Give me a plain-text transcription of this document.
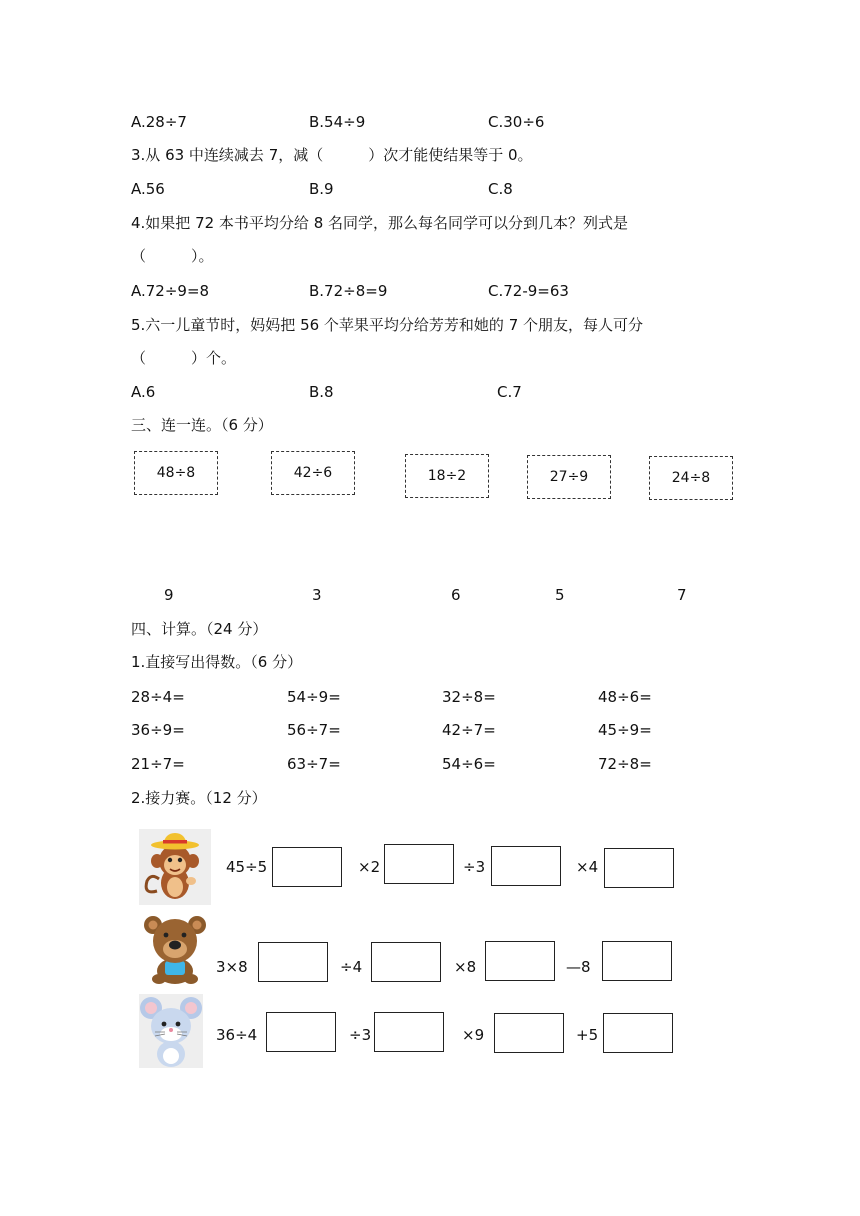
A.28÷7	B.54÷9	C.30÷6
3.从 63 中连续减去 7，减（　　　）次才能使结果等于 0。
A.56	B.9	C.8
4.如果把 72 本书平均分给 8 名同学，那么每名同学可以分到几本？列式是
（　　　）。
A.72÷9=8	B.72÷8=9	C.72-9=63
5.六一儿童节时，妈妈把 56 个苹果平均分给芳芳和她的 7 个朋友，每人可分
（　　　）个。
A.6	B.8	C.7
三、连一连。（6 分）
48÷8	42÷6	18÷2	27÷9	24÷8
9	3	6	5	7
四、计算。（24 分）
1.直接写出得数。（6 分）
28÷4=	54÷9=	32÷8=	48÷6=
36÷9=	56÷7=	42÷7=	45÷9=
21÷7=	63÷7=	54÷6=	72÷8=
2.接力赛。（12 分）
45÷5	×2	÷3	×4
3×8	÷4	×8	—8
36÷4	÷3	×9	+5
